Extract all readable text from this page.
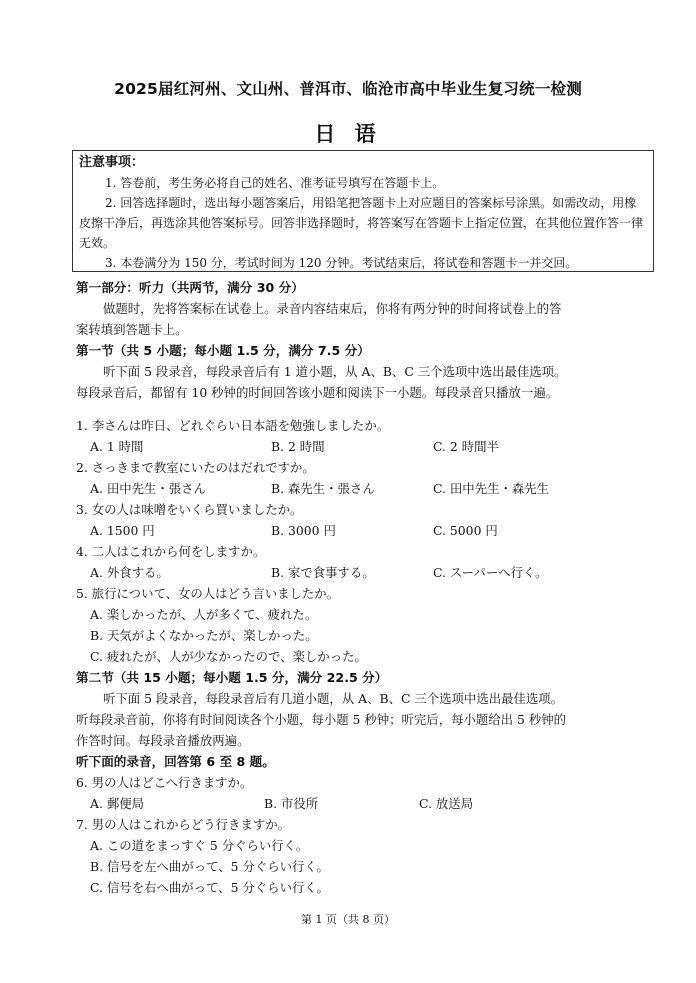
2025届红河州、文山州、普洱市、临沧市高中毕业生复习统一检测
日 语
注意事项：

1. 答卷前，考生务必将自己的姓名、准考证号填写在答题卡上。

2. 回答选择题时，选出每小题答案后，用铅笔把答题卡上对应题目的答案标号涂黑。如需改动，用橡皮擦干净后，再选涂其他答案标号。回答非选择题时，将答案写在答题卡上指定位置，在其他位置作答一律无效。

3. 本卷满分为 150 分，考试时间为 120 分钟。考试结束后，将试卷和答题卡一并交回。

第一部分：听力（共两节，满分 30 分）
做题时，先将答案标在试卷上。录音内容结束后，你将有两分钟的时间将试卷上的答
案转填到答题卡上。
第一节（共 5 小题；每小题 1.5 分，满分 7.5 分）
听下面 5 段录音，每段录音后有 1 道小题，从 A、B、C 三个选项中选出最佳选项。
每段录音后，都留有 10 秒钟的时间回答该小题和阅读下一小题。每段录音只播放一遍。
1. 李さんは昨日、どれぐらい日本語を勉強しましたか。
A. 1 時間	B. 2 時間	C. 2 時間半
2. さっきまで教室にいたのはだれですか。
A. 田中先生・張さん	B. 森先生・張さん	C. 田中先生・森先生
3. 女の人は味噌をいくら買いましたか。
A. 1500 円	B. 3000 円	C. 5000 円
4. 二人はこれから何をしますか。
A. 外食する。	B. 家で食事する。	C. スーパーへ行く。
5. 旅行について、女の人はどう言いましたか。
A. 楽しかったが、人が多くて、疲れた。
B. 天気がよくなかったが、楽しかった。
C. 疲れたが、人が少なかったので、楽しかった。
第二节（共 15 小题；每小题 1.5 分，满分 22.5 分）
听下面 5 段录音，每段录音后有几道小题，从 A、B、C 三个选项中选出最佳选项。
听每段录音前，你将有时间阅读各个小题，每小题 5 秒钟；听完后，每小题给出 5 秒钟的
作答时间。每段录音播放两遍。
听下面的录音，回答第 6 至 8 题。
6. 男の人はどこへ行きますか。
A. 郵便局	B. 市役所	C. 放送局
7. 男の人はこれからどう行きますか。
A. この道をまっすぐ 5 分ぐらい行く。
B. 信号を左へ曲がって、5 分ぐらい行く。
C. 信号を右へ曲がって、5 分ぐらい行く。
第 1 页（共 8 页）
